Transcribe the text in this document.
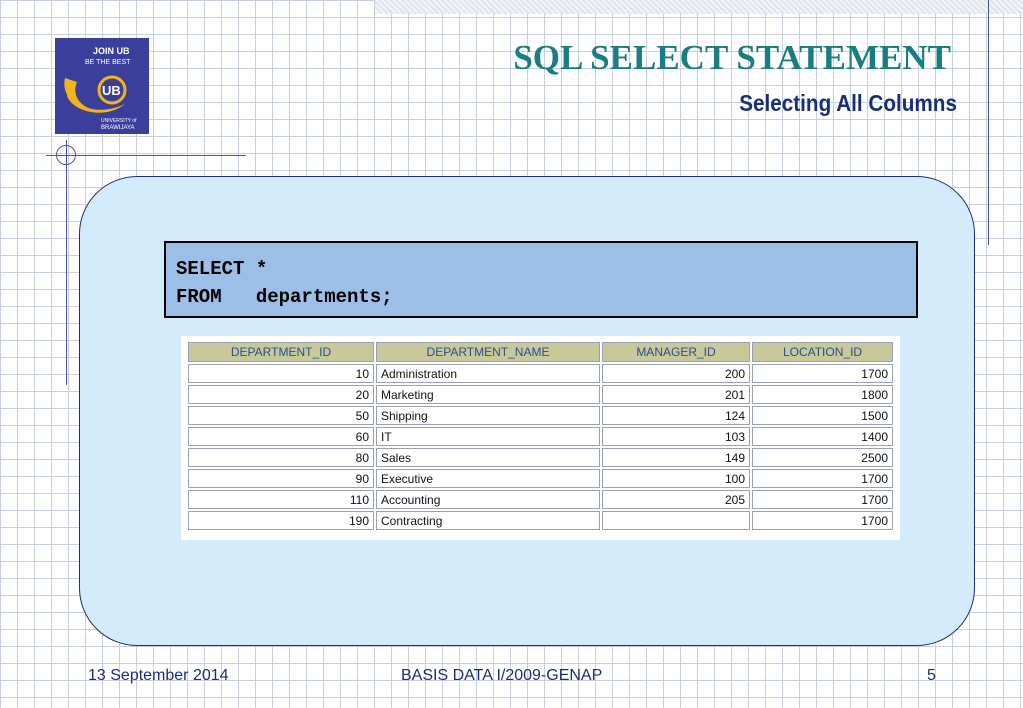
JOIN UB
BE THE BEST
UB
UNIVERSITY of
BRAWIJAYA
SQL SELECT STATEMENT
Selecting All Columns
SELECT *
FROM   departments;
DEPARTMENT_ID	DEPARTMENT_NAME	MANAGER_ID	LOCATION_ID
10	Administration	200	1700
20	Marketing	201	1800
50	Shipping	124	1500
60	IT	103	1400
80	Sales	149	2500
90	Executive	100	1700
110	Accounting	205	1700
190	Contracting		1700
13 September 2014	BASIS DATA I/2009-GENAP	5
